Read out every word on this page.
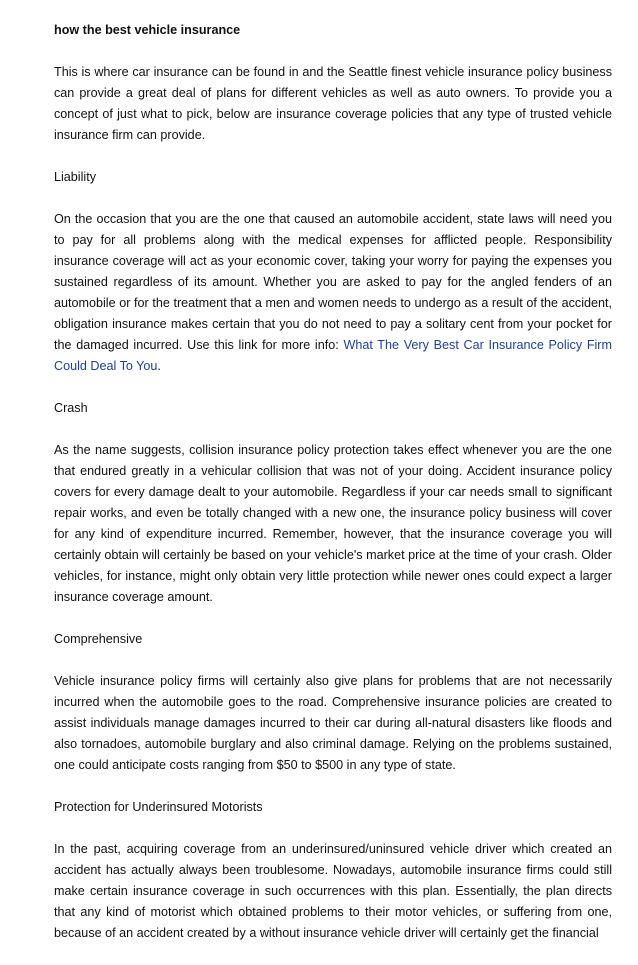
how the best vehicle insurance

This is where car insurance can be found in and the Seattle finest vehicle insurance policy business can provide a great deal of plans for different vehicles as well as auto owners. To provide you a concept of just what to pick, below are insurance coverage policies that any type of trusted vehicle insurance firm can provide.

Liability

On the occasion that you are the one that caused an automobile accident, state laws will need you to pay for all problems along with the medical expenses for afflicted people. Responsibility insurance coverage will act as your economic cover, taking your worry for paying the expenses you sustained regardless of its amount. Whether you are asked to pay for the angled fenders of an automobile or for the treatment that a men and women needs to undergo as a result of the accident, obligation insurance makes certain that you do not need to pay a solitary cent from your pocket for the damaged incurred. Use this link for more info: What The Very Best Car Insurance Policy Firm Could Deal To You.

Crash

As the name suggests, collision insurance policy protection takes effect whenever you are the one that endured greatly in a vehicular collision that was not of your doing. Accident insurance policy covers for every damage dealt to your automobile. Regardless if your car needs small to significant repair works, and even be totally changed with a new one, the insurance policy business will cover for any kind of expenditure incurred. Remember, however, that the insurance coverage you will certainly obtain will certainly be based on your vehicle's market price at the time of your crash. Older vehicles, for instance, might only obtain very little protection while newer ones could expect a larger insurance coverage amount.

Comprehensive

Vehicle insurance policy firms will certainly also give plans for problems that are not necessarily incurred when the automobile goes to the road. Comprehensive insurance policies are created to assist individuals manage damages incurred to their car during all-natural disasters like floods and also tornadoes, automobile burglary and also criminal damage. Relying on the problems sustained, one could anticipate costs ranging from $50 to $500 in any type of state.

Protection for Underinsured Motorists

In the past, acquiring coverage from an underinsured/uninsured vehicle driver which created an accident has actually always been troublesome. Nowadays, automobile insurance firms could still make certain insurance coverage in such occurrences with this plan. Essentially, the plan directs that any kind of motorist which obtained problems to their motor vehicles, or suffering from one, because of an accident created by a without insurance vehicle driver will certainly get the financial
